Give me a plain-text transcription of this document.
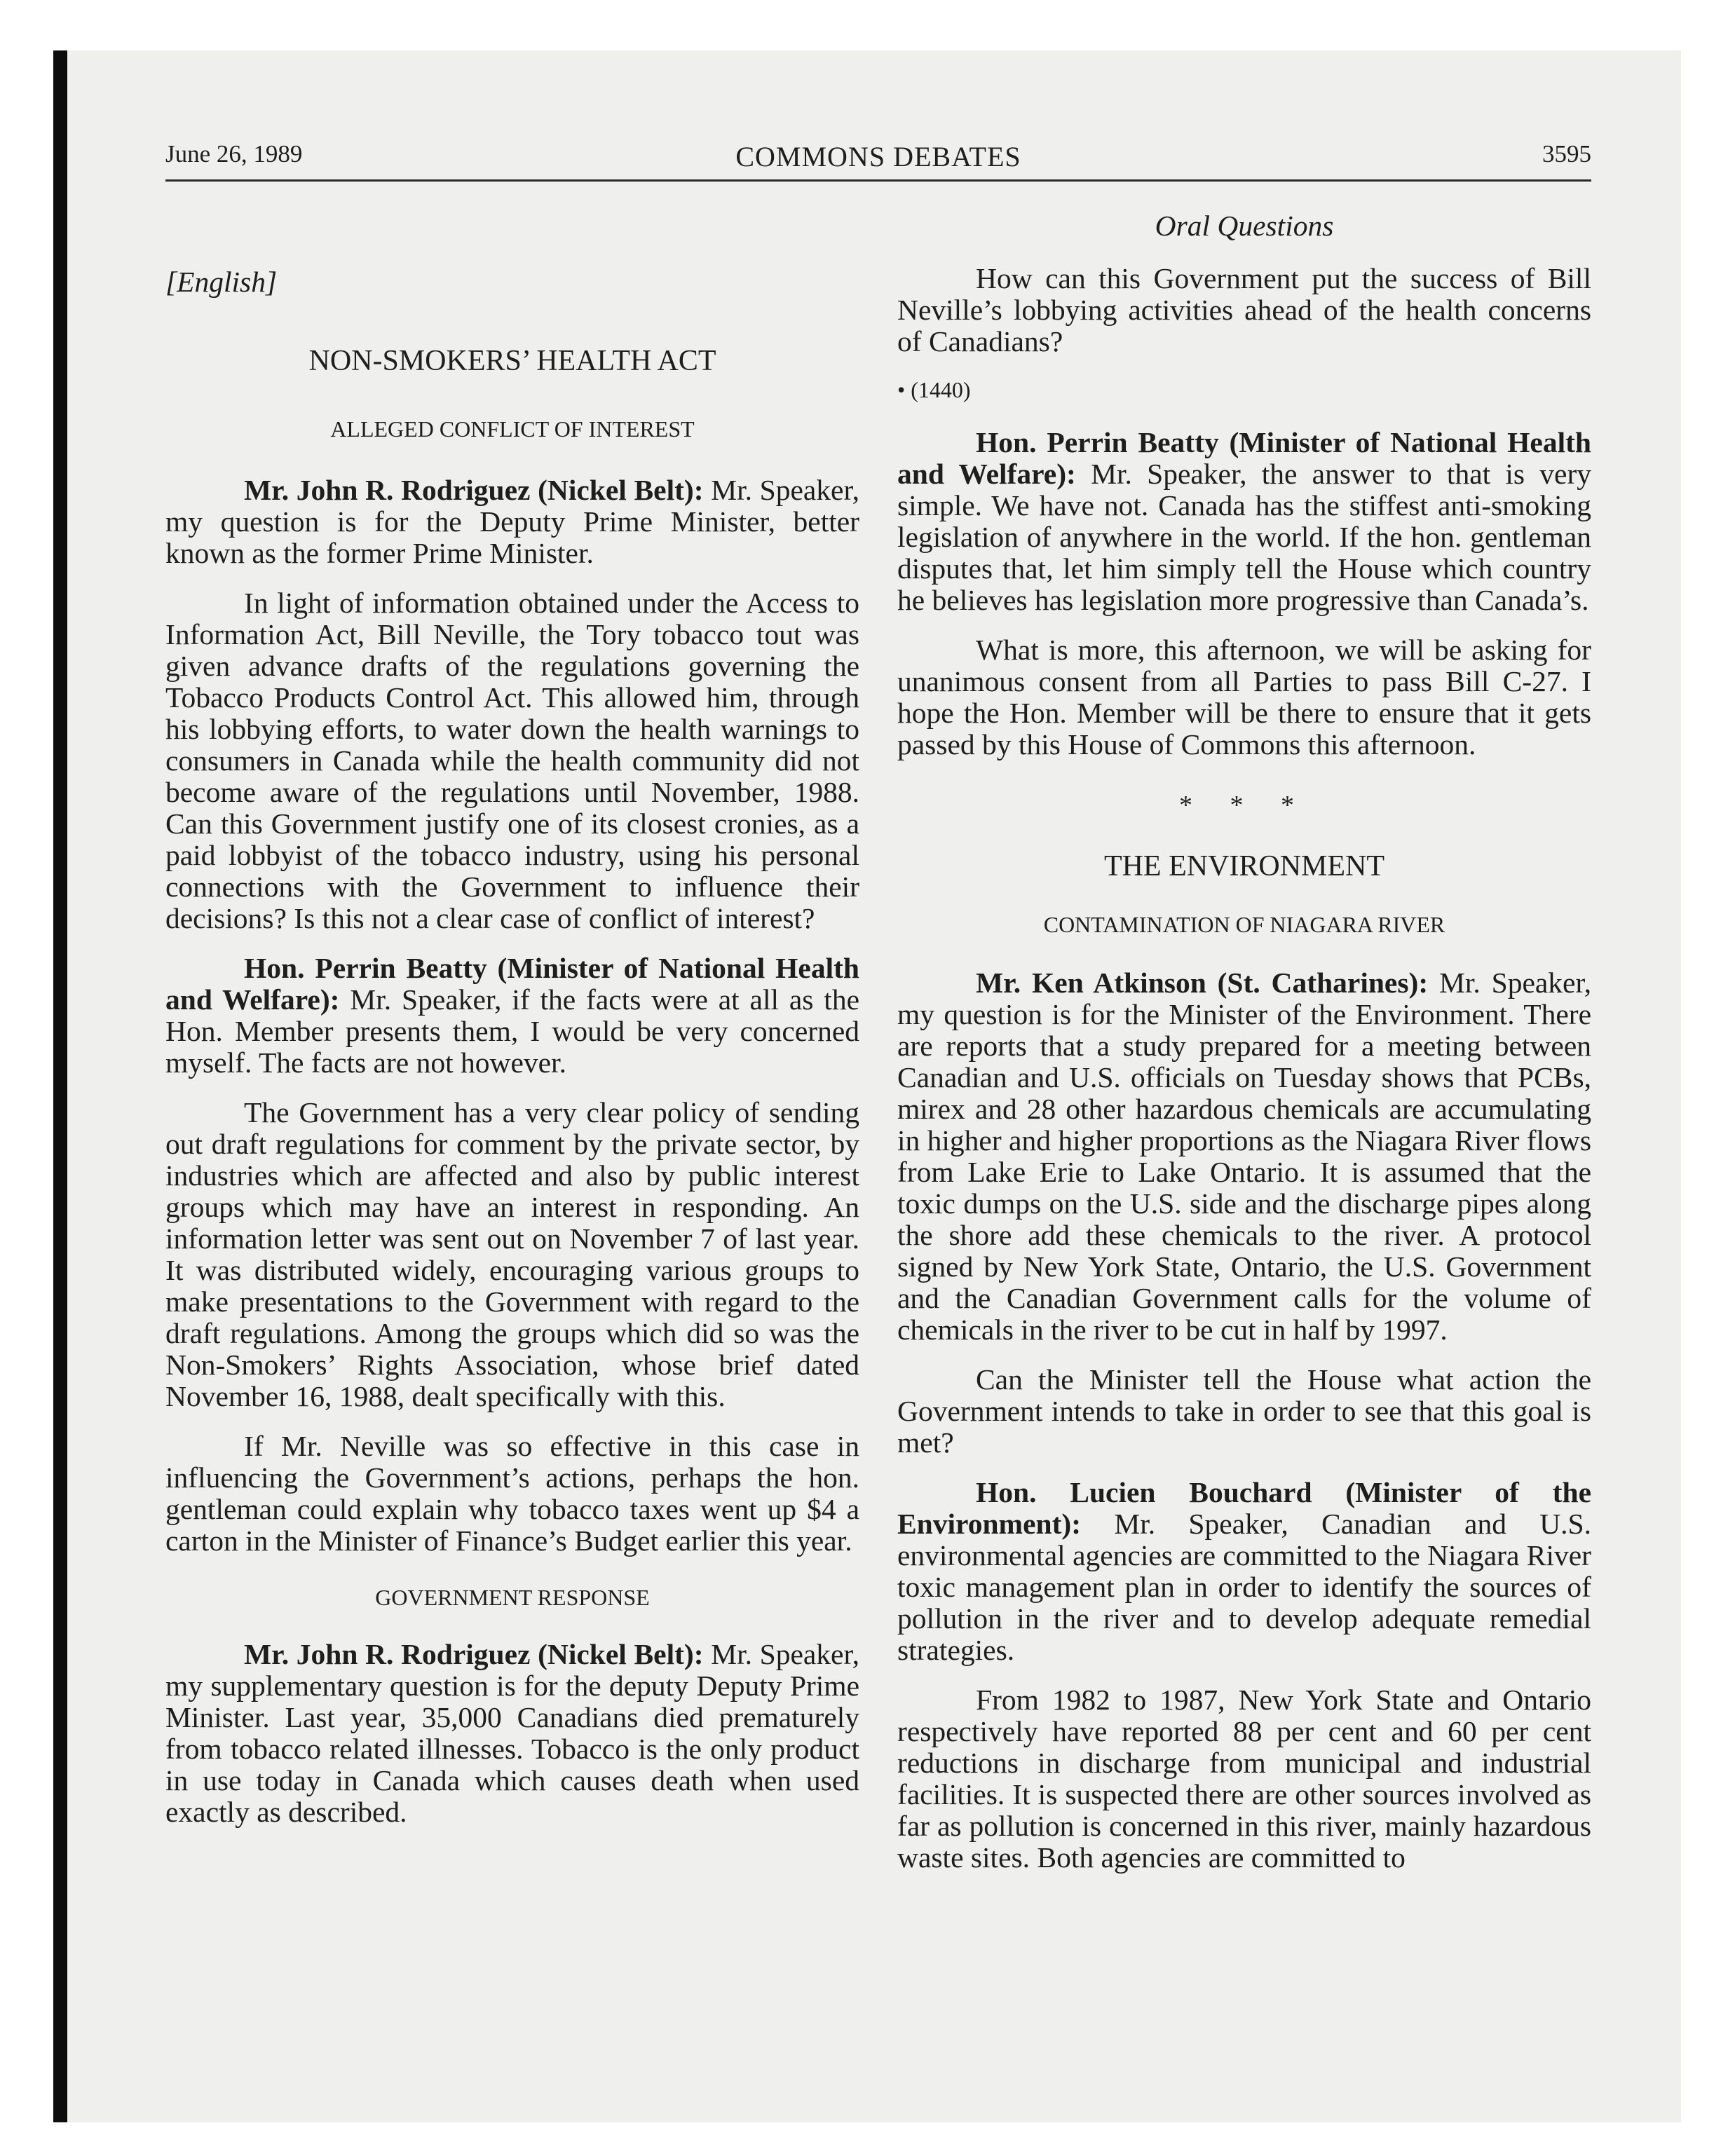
June 26, 1989	COMMONS DEBATES	3595

[English]

NON-SMOKERS’ HEALTH ACT

ALLEGED CONFLICT OF INTEREST

Mr. John R. Rodriguez (Nickel Belt): Mr. Speaker, my question is for the Deputy Prime Minister, better known as the former Prime Minister.

In light of information obtained under the Access to Information Act, Bill Neville, the Tory tobacco tout was given advance drafts of the regulations governing the Tobacco Products Control Act. This allowed him, through his lobbying efforts, to water down the health warnings to consumers in Canada while the health community did not become aware of the regulations until November, 1988. Can this Government justify one of its closest cronies, as a paid lobbyist of the tobacco industry, using his personal connections with the Government to influence their decisions? Is this not a clear case of conflict of interest?

Hon. Perrin Beatty (Minister of National Health and Welfare): Mr. Speaker, if the facts were at all as the Hon. Member presents them, I would be very concerned myself. The facts are not however.

The Government has a very clear policy of sending out draft regulations for comment by the private sector, by industries which are affected and also by public interest groups which may have an interest in responding. An information letter was sent out on November 7 of last year. It was distributed widely, encouraging various groups to make presentations to the Government with regard to the draft regulations. Among the groups which did so was the Non-Smokers’ Rights Association, whose brief dated November 16, 1988, dealt specifically with this.

If Mr. Neville was so effective in this case in influencing the Government’s actions, perhaps the hon. gentleman could explain why tobacco taxes went up $4 a carton in the Minister of Finance’s Budget earlier this year.

GOVERNMENT RESPONSE

Mr. John R. Rodriguez (Nickel Belt): Mr. Speaker, my supplementary question is for the deputy Deputy Prime Minister. Last year, 35,000 Canadians died prematurely from tobacco related illnesses. Tobacco is the only product in use today in Canada which causes death when used exactly as described.

Oral Questions

How can this Government put the success of Bill Neville’s lobbying activities ahead of the health concerns of Canadians?

• (1440)

Hon. Perrin Beatty (Minister of National Health and Welfare): Mr. Speaker, the answer to that is very simple. We have not. Canada has the stiffest anti-smoking legislation of anywhere in the world. If the hon. gentleman disputes that, let him simply tell the House which country he believes has legislation more progressive than Canada’s.

What is more, this afternoon, we will be asking for unanimous consent from all Parties to pass Bill C-27. I hope the Hon. Member will be there to ensure that it gets passed by this House of Commons this afternoon.

* * *

THE ENVIRONMENT

CONTAMINATION OF NIAGARA RIVER

Mr. Ken Atkinson (St. Catharines): Mr. Speaker, my question is for the Minister of the Environment. There are reports that a study prepared for a meeting between Canadian and U.S. officials on Tuesday shows that PCBs, mirex and 28 other hazardous chemicals are accumulating in higher and higher proportions as the Niagara River flows from Lake Erie to Lake Ontario. It is assumed that the toxic dumps on the U.S. side and the discharge pipes along the shore add these chemicals to the river. A protocol signed by New York State, Ontario, the U.S. Government and the Canadian Government calls for the volume of chemicals in the river to be cut in half by 1997.

Can the Minister tell the House what action the Government intends to take in order to see that this goal is met?

Hon. Lucien Bouchard (Minister of the Environment): Mr. Speaker, Canadian and U.S. environmental agencies are committed to the Niagara River toxic management plan in order to identify the sources of pollution in the river and to develop adequate remedial strategies.

From 1982 to 1987, New York State and Ontario respectively have reported 88 per cent and 60 per cent reductions in discharge from municipal and industrial facilities. It is suspected there are other sources involved as far as pollution is concerned in this river, mainly hazardous waste sites. Both agencies are committed to
